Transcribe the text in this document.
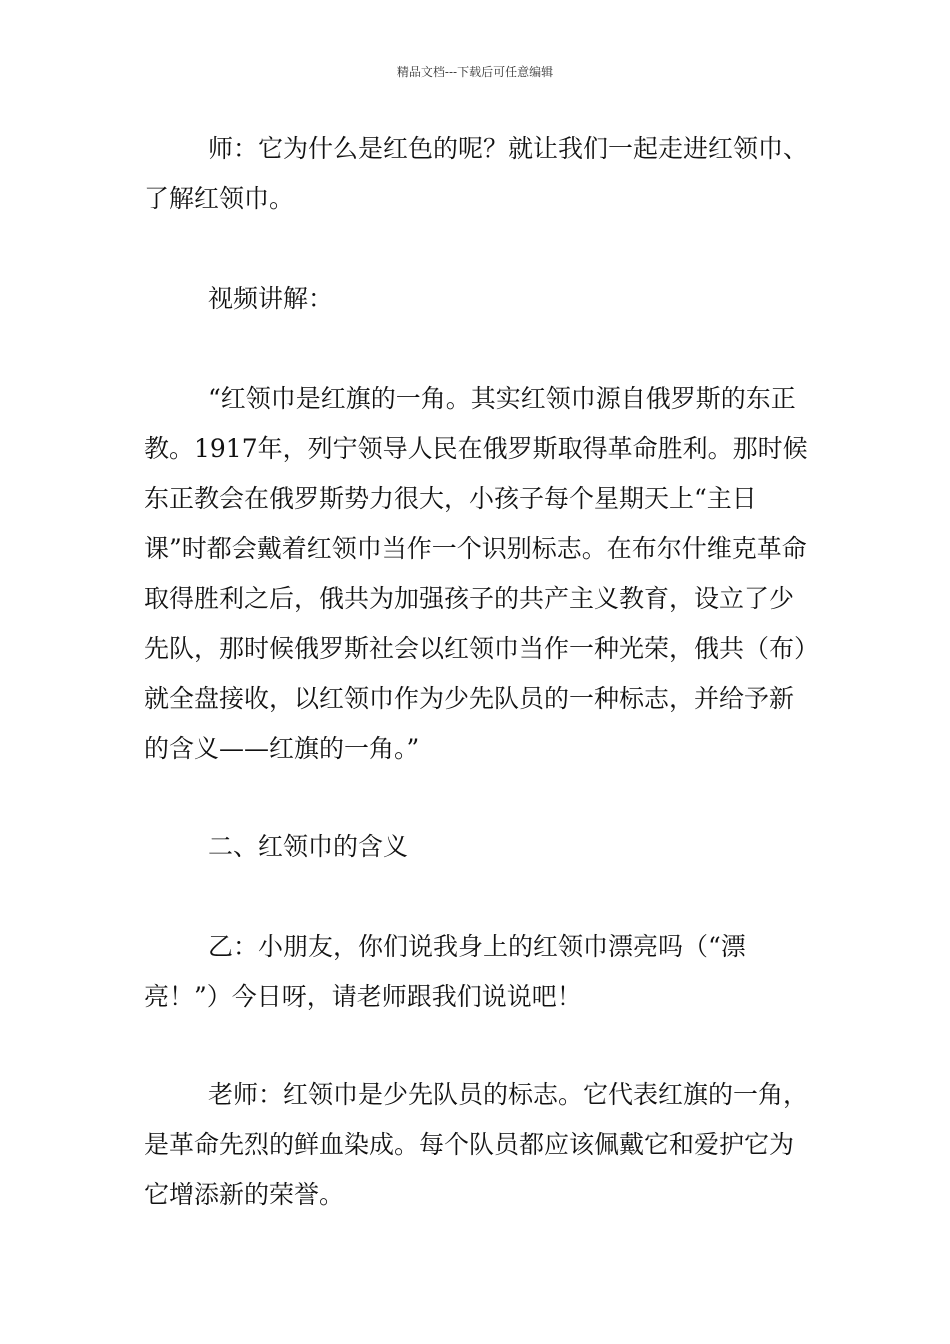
精品文档---下载后可任意编辑

师：它为什么是红色的呢？就让我们一起走进红领巾、了解红领巾。

视频讲解：

“红领巾是红旗的一角。其实红领巾源自俄罗斯的东正教。1917年，列宁领导人民在俄罗斯取得革命胜利。那时候东正教会在俄罗斯势力很大，小孩子每个星期天上“主日课”时都会戴着红领巾当作一个识别标志。在布尔什维克革命取得胜利之后，俄共为加强孩子的共产主义教育，设立了少先队，那时候俄罗斯社会以红领巾当作一种光荣，俄共（布）就全盘接收，以红领巾作为少先队员的一种标志，并给予新的含义——红旗的一角。”

二、红领巾的含义

乙：小朋友，你们说我身上的红领巾漂亮吗（“漂亮！”）今日呀，请老师跟我们说说吧！

老师：红领巾是少先队员的标志。它代表红旗的一角，是革命先烈的鲜血染成。每个队员都应该佩戴它和爱护它为它增添新的荣誉。
